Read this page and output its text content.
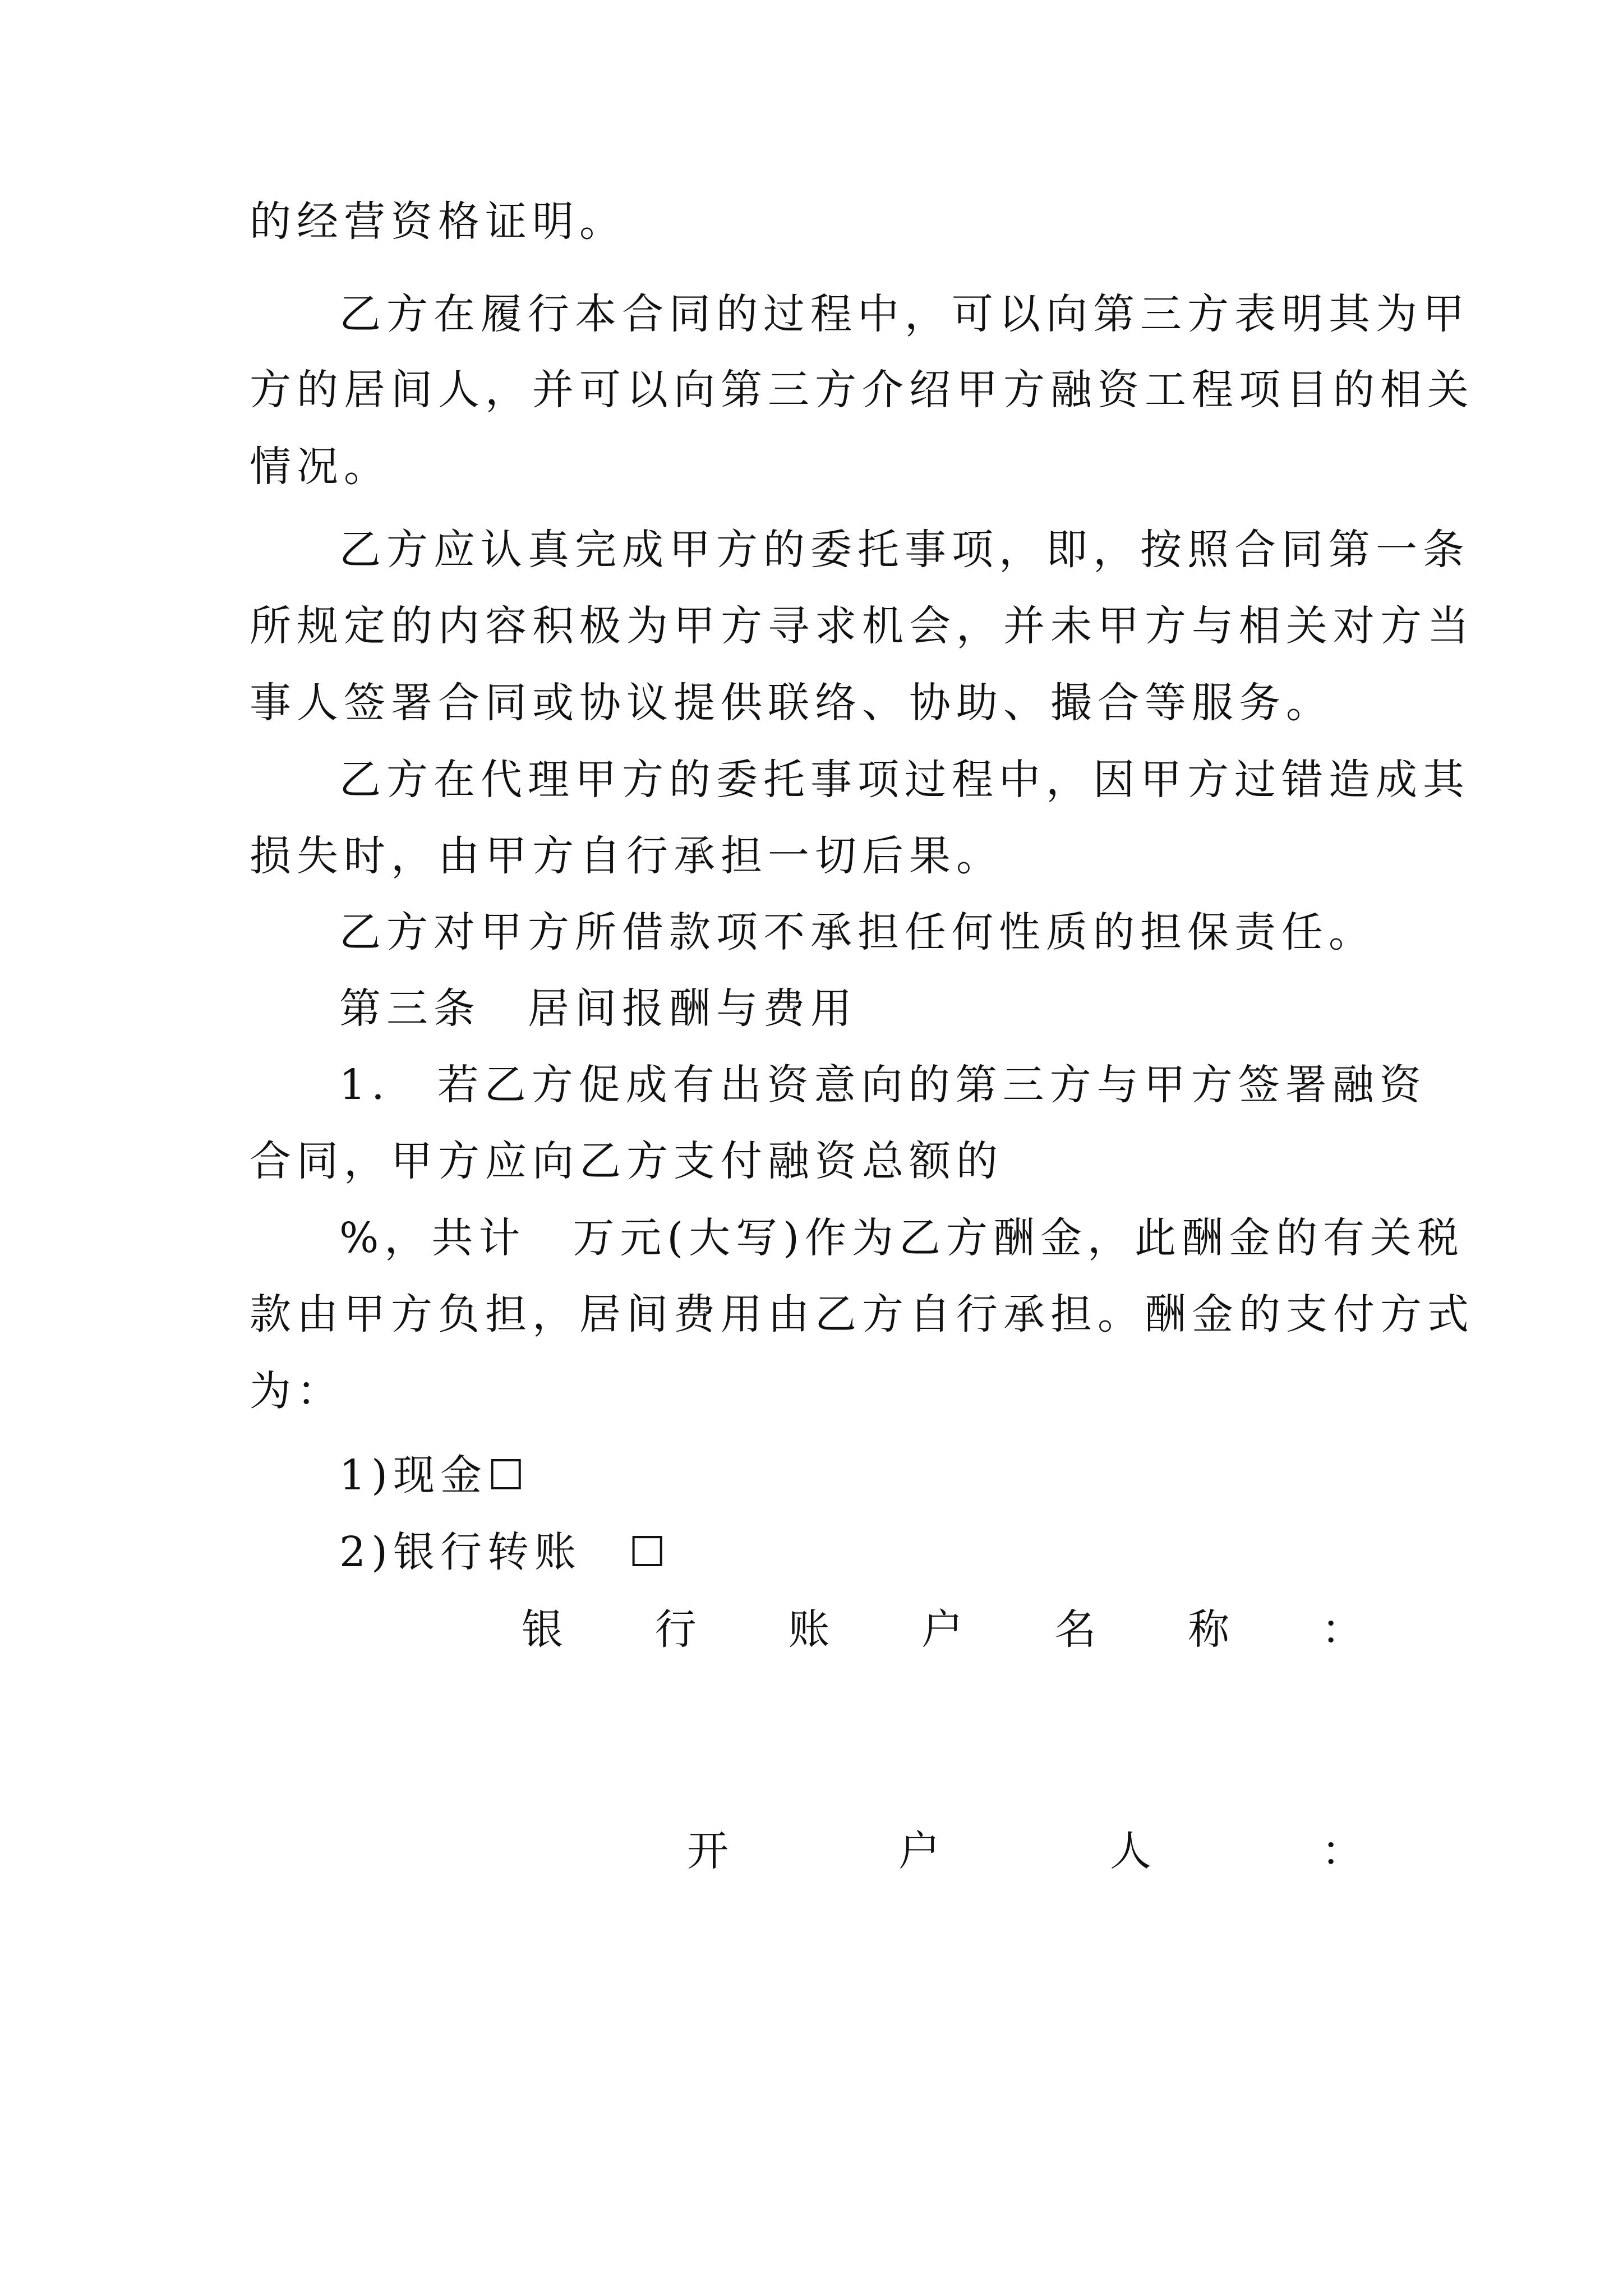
的经营资格证明。
乙方在履行本合同的过程中，可以向第三方表明其为甲
方的居间人，并可以向第三方介绍甲方融资工程项目的相关
情况。
乙方应认真完成甲方的委托事项，即，按照合同第一条
所规定的内容积极为甲方寻求机会，并未甲方与相关对方当
事人签署合同或协议提供联络、协助、撮合等服务。
乙方在代理甲方的委托事项过程中，因甲方过错造成其
损失时，由甲方自行承担一切后果。
乙方对甲方所借款项不承担任何性质的担保责任。
第三条　居间报酬与费用
1.　若乙方促成有出资意向的第三方与甲方签署融资
合同，甲方应向乙方支付融资总额的
%，共计　万元(大写)作为乙方酬金，此酬金的有关税
款由甲方负担，居间费用由乙方自行承担。酬金的支付方式
为：
1)现金☐
2)银行转账　☐
银 行 账 户 名 称 ：
开	户	人	：
